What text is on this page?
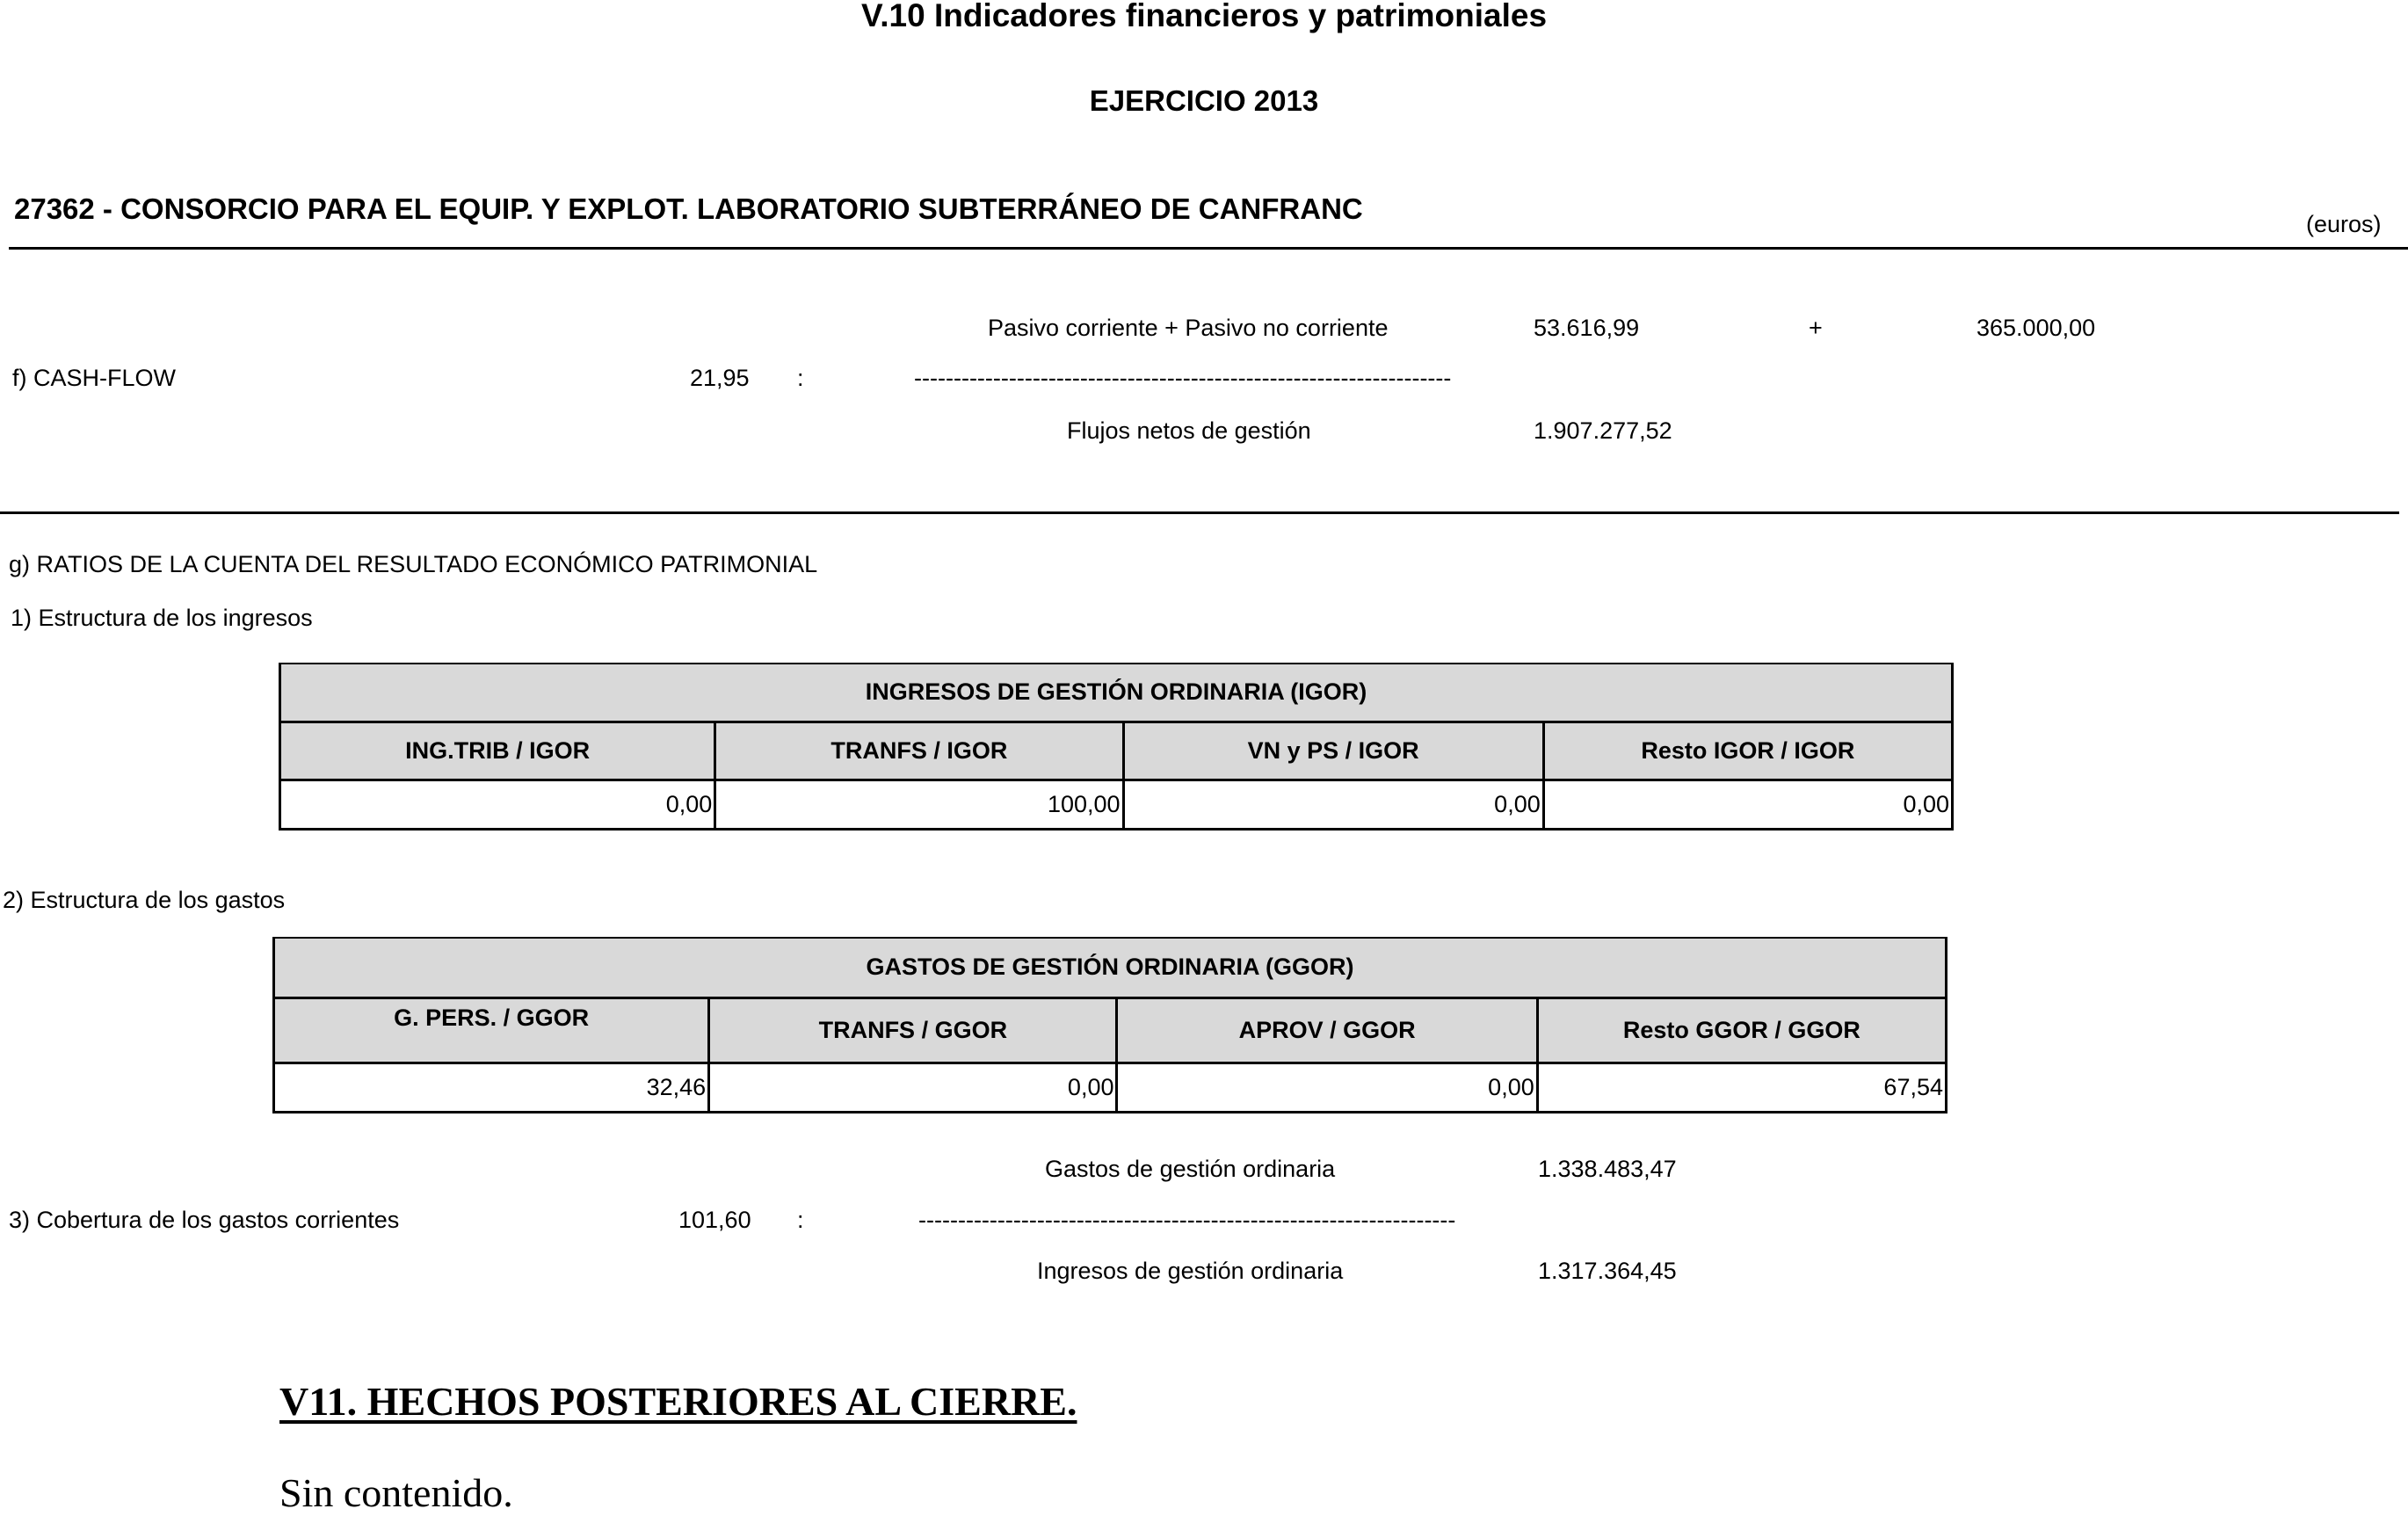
V.10 Indicadores financieros y patrimoniales
EJERCICIO 2013
27362 - CONSORCIO PARA EL EQUIP. Y EXPLOT. LABORATORIO SUBTERRÁNEO DE CANFRANC	(euros)
Pasivo corriente + Pasivo no corriente	53.616,99	+	365.000,00
f) CASH-FLOW	21,95 :	--------------------------------------------------------------------
Flujos netos de gestión	1.907.277,52
g) RATIOS DE LA CUENTA DEL RESULTADO ECONÓMICO PATRIMONIAL
1) Estructura de los ingresos
INGRESOS DE GESTIÓN ORDINARIA (IGOR)			
ING.TRIB / IGOR	TRANFS / IGOR	VN y PS / IGOR	Resto IGOR / IGOR
0,00	100,00	0,00	0,00
2) Estructura de los gastos
GASTOS DE GESTIÓN ORDINARIA (GGOR)			
G. PERS. / GGOR	TRANFS / GGOR	APROV / GGOR	Resto GGOR / GGOR
32,46	0,00	0,00	67,54
Gastos de gestión ordinaria	1.338.483,47
3) Cobertura de los gastos corrientes	101,60 :	--------------------------------------------------------------------
Ingresos de gestión ordinaria	1.317.364,45
V11. HECHOS POSTERIORES AL CIERRE.
Sin contenido.
